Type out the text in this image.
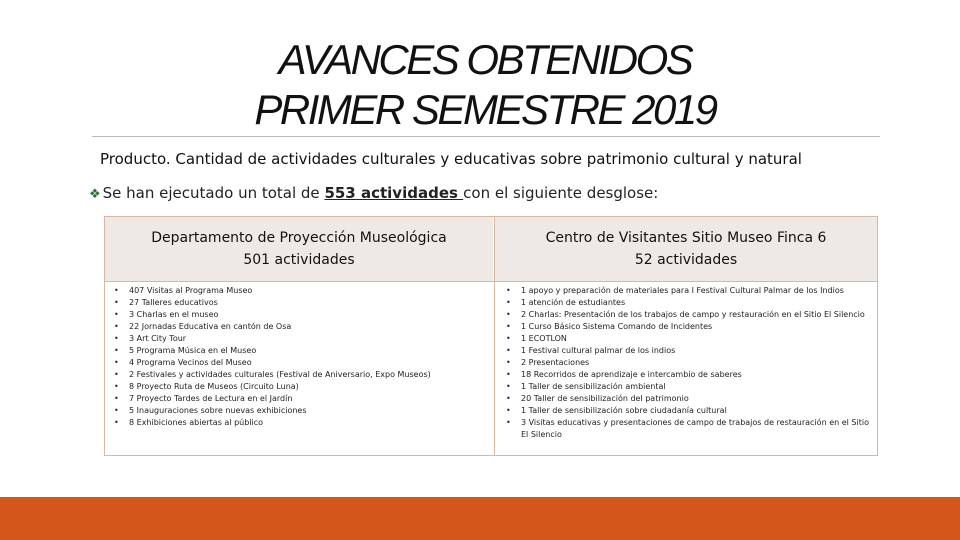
AVANCES OBTENIDOS
PRIMER SEMESTRE 2019
Producto. Cantidad de actividades culturales y educativas sobre patrimonio cultural y natural
❖ Se han ejecutado un total de 553 actividades con el siguiente desglose:
Departamento de Proyección Museológica
501 actividades
Centro de Visitantes Sitio Museo Finca 6
52 actividades
• 407 Visitas al Programa Museo
• 27 Talleres educativos
• 3 Charlas en el museo
• 22 Jornadas Educativa en cantón de Osa
• 3 Art City Tour
• 5 Programa Música en el Museo
• 4 Programa Vecinos del Museo
• 2 Festivales y actividades culturales (Festival de Aniversario, Expo Museos)
• 8 Proyecto Ruta de Museos (Circuito Luna)
• 7 Proyecto Tardes de Lectura en el Jardín
• 5 Inauguraciones sobre nuevas exhibiciones
• 8 Exhibiciones abiertas al público
• 1 apoyo y preparación de materiales para I Festival Cultural Palmar de los Indios
• 1 atención de estudiantes
• 2 Charlas: Presentación de los trabajos de campo y restauración en el Sitio El Silencio
• 1 Curso Básico Sistema Comando de Incidentes
• 1 ECOTLON
• 1 Festival cultural palmar de los indios
• 2 Presentaciones
• 18 Recorridos de aprendizaje e intercambio de saberes
• 1 Taller de sensibilización ambiental
• 20 Taller de sensibilización del patrimonio
• 1 Taller de sensibilización sobre ciudadanía cultural
• 3 Visitas educativas y presentaciones de campo de trabajos de restauración en el Sitio El Silencio
